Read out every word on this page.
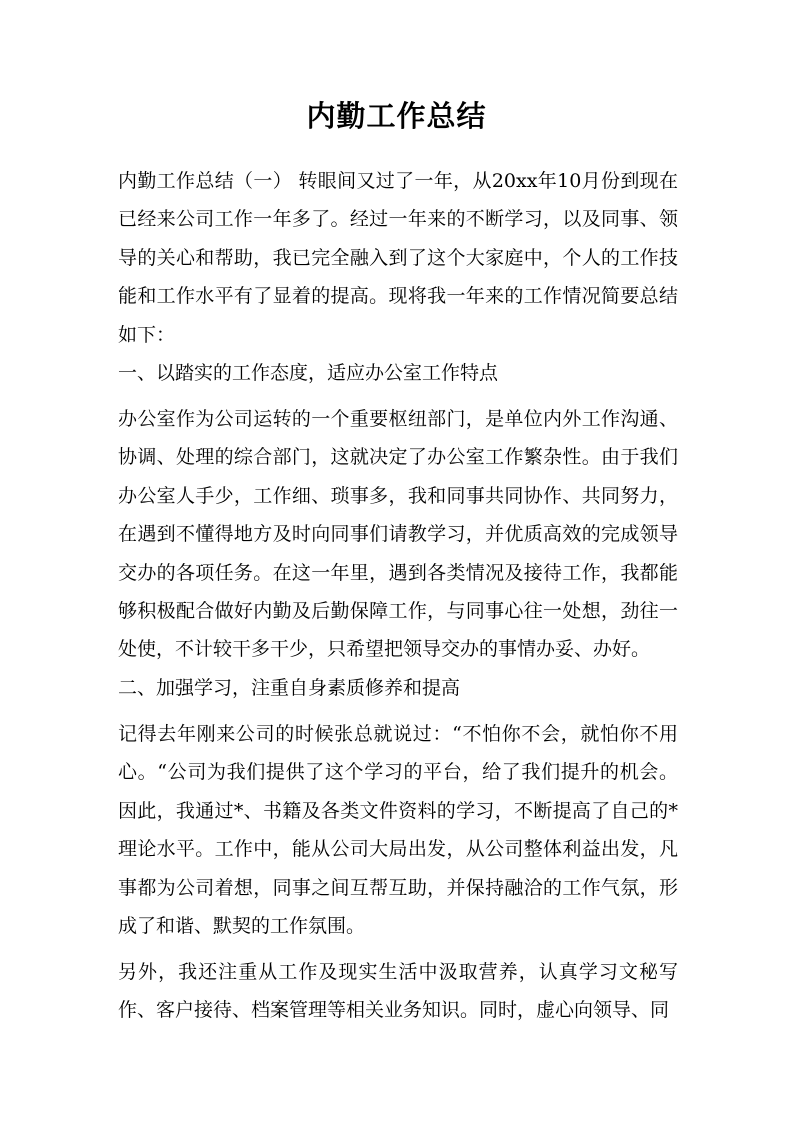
内勤工作总结

内勤工作总结（一） 转眼间又过了一年，从20xx年10月份到现在已经来公司工作一年多了。经过一年来的不断学习，以及同事、领导的关心和帮助，我已完全融入到了这个大家庭中，个人的工作技能和工作水平有了显着的提高。现将我一年来的工作情况简要总结如下：

一、以踏实的工作态度，适应办公室工作特点

办公室作为公司运转的一个重要枢纽部门，是单位内外工作沟通、协调、处理的综合部门，这就决定了办公室工作繁杂性。由于我们办公室人手少，工作细、琐事多，我和同事共同协作、共同努力，在遇到不懂得地方及时向同事们请教学习，并优质高效的完成领导交办的各项任务。在这一年里，遇到各类情况及接待工作，我都能够积极配合做好内勤及后勤保障工作，与同事心往一处想，劲往一处使，不计较干多干少，只希望把领导交办的事情办妥、办好。

二、加强学习，注重自身素质修养和提高

记得去年刚来公司的时候张总就说过：“不怕你不会，就怕你不用心。“公司为我们提供了这个学习的平台，给了我们提升的机会。因此，我通过*、书籍及各类文件资料的学习，不断提高了自己的*理论水平。工作中，能从公司大局出发，从公司整体利益出发，凡事都为公司着想，同事之间互帮互助，并保持融洽的工作气氛，形成了和谐、默契的工作氛围。

另外，我还注重从工作及现实生活中汲取营养，认真学习文秘写作、客户接待、档案管理等相关业务知识。同时，虚心向领导、同
